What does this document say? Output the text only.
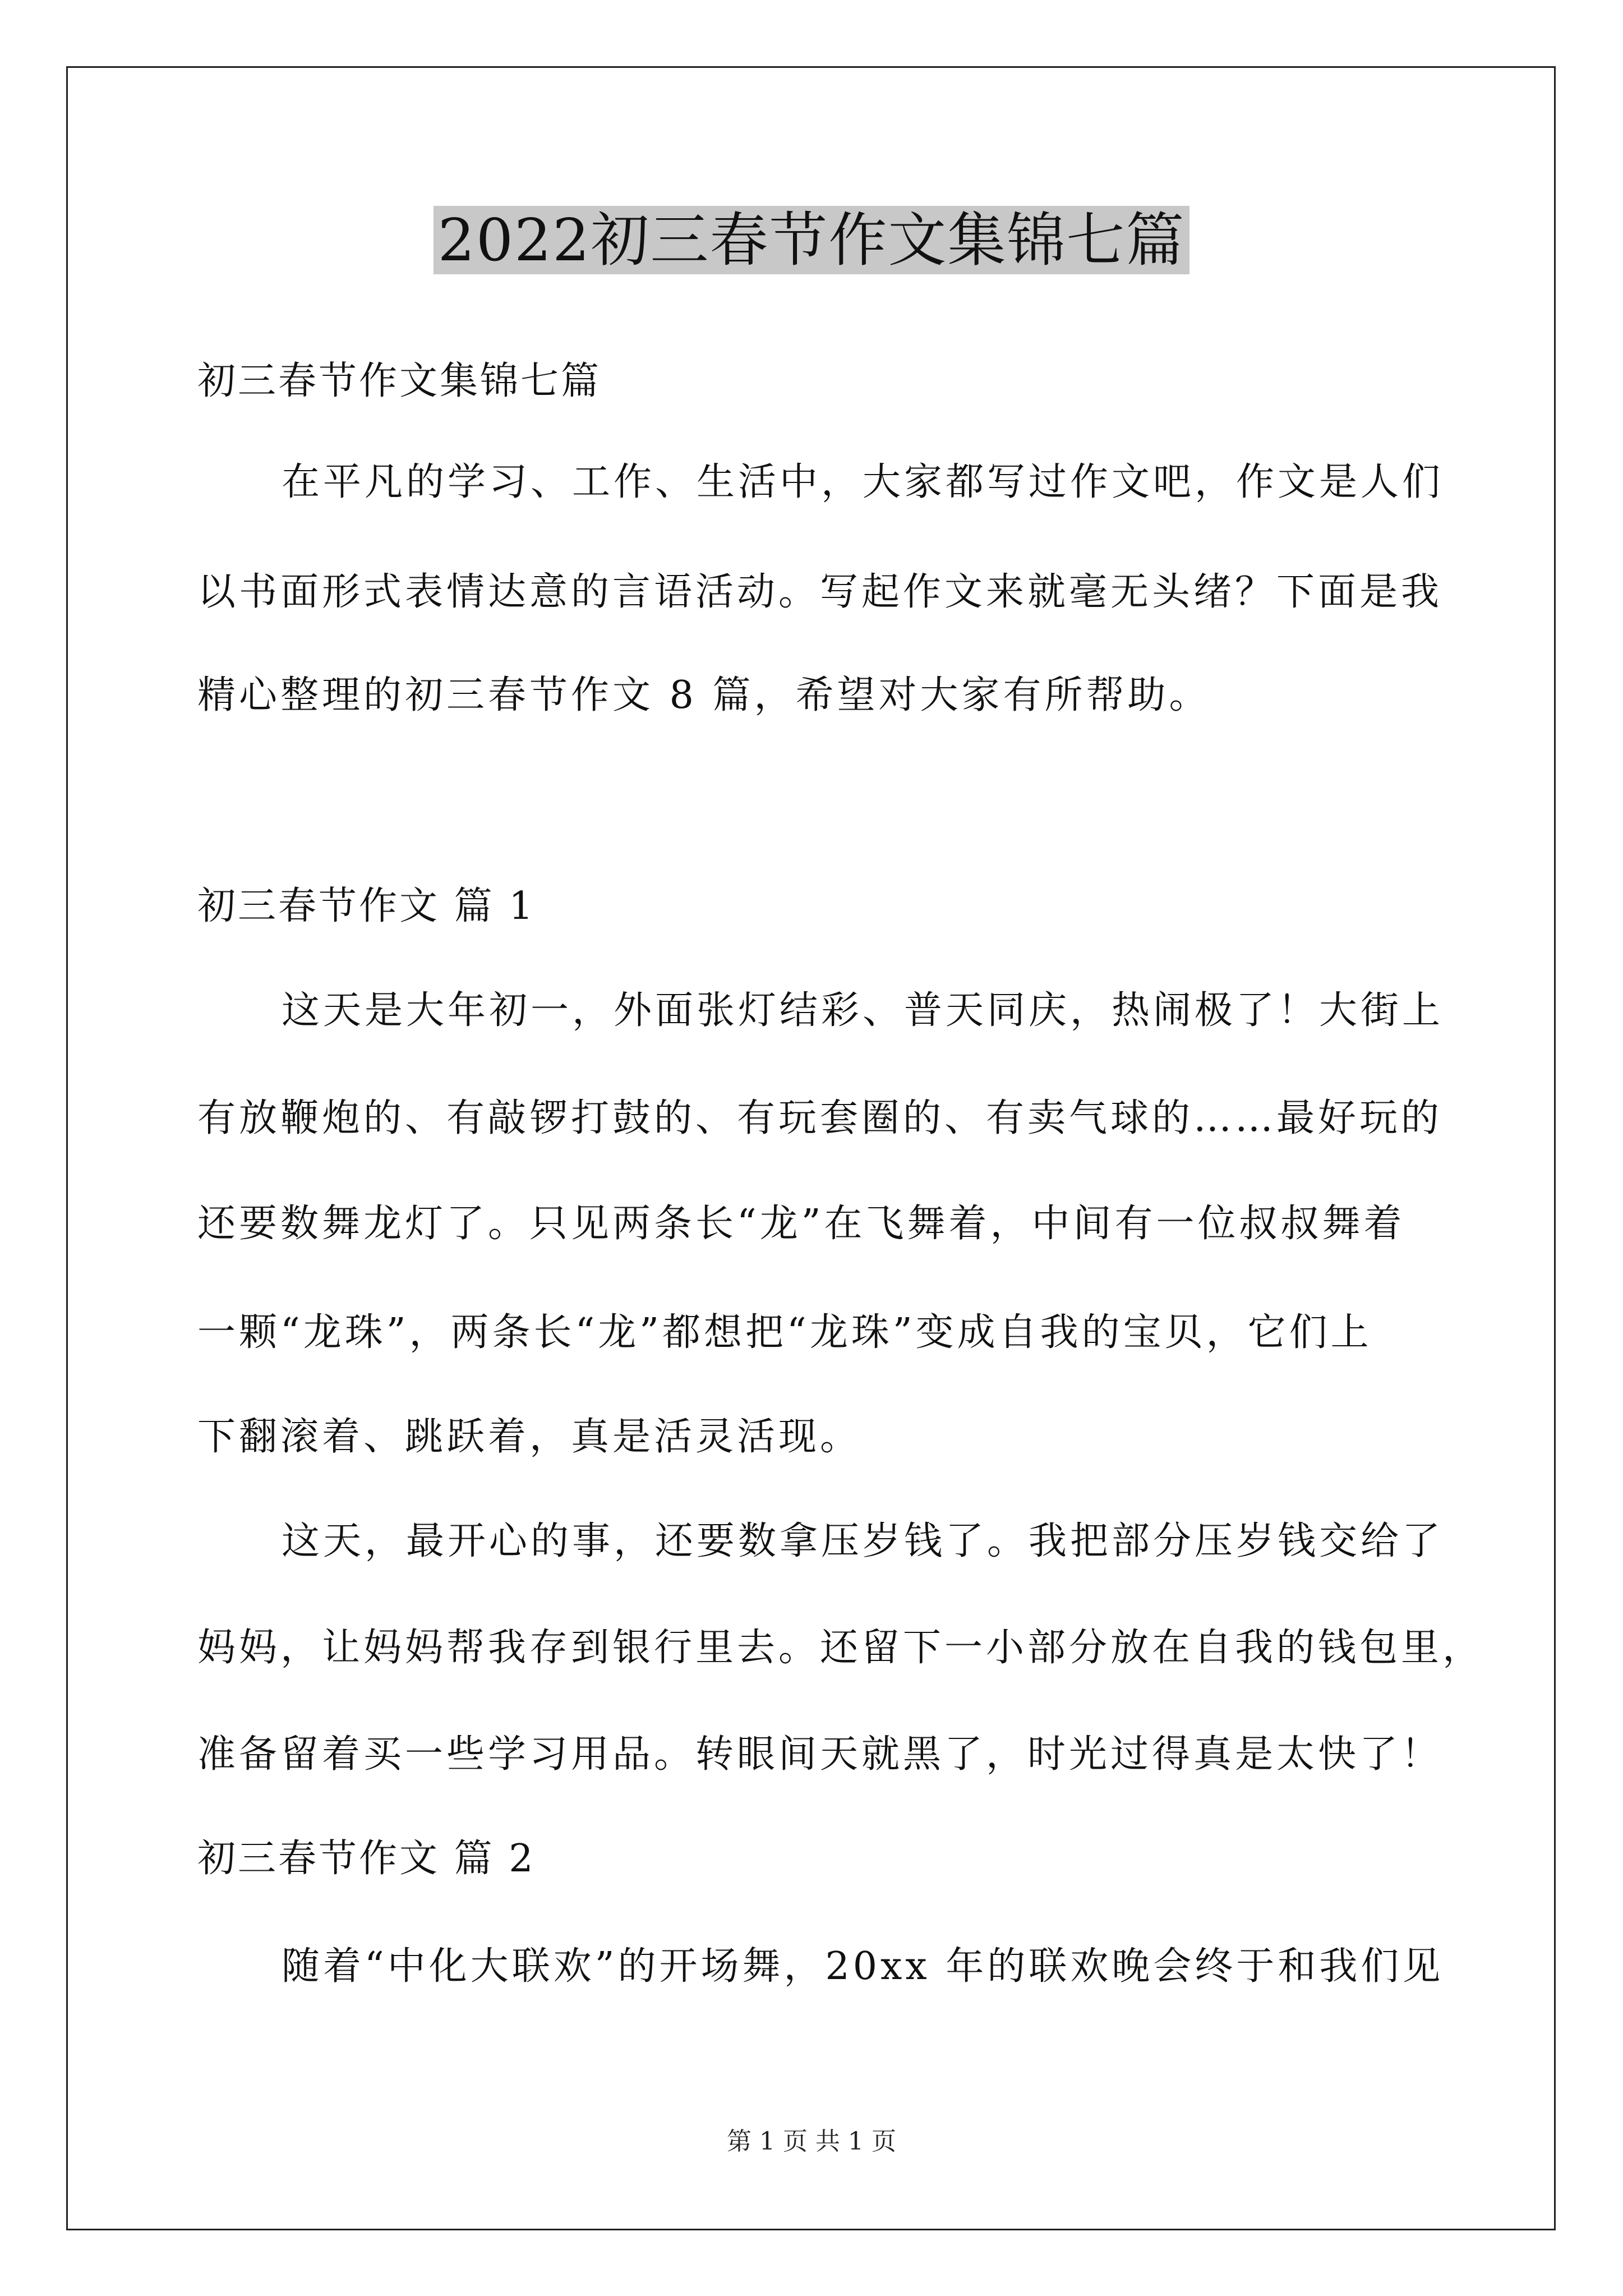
2022初三春节作文集锦七篇
初三春节作文集锦七篇
在平凡的学习、工作、生活中，大家都写过作文吧，作文是人们
以书面形式表情达意的言语活动。写起作文来就毫无头绪？下面是我
精心整理的初三春节作文 8 篇，希望对大家有所帮助。
初三春节作文 篇 1
这天是大年初一，外面张灯结彩、普天同庆，热闹极了！大街上
有放鞭炮的、有敲锣打鼓的、有玩套圈的、有卖气球的……最好玩的
还要数舞龙灯了。只见两条长“龙”在飞舞着，中间有一位叔叔舞着
一颗“龙珠”，两条长“龙”都想把“龙珠”变成自我的宝贝，它们上
下翻滚着、跳跃着，真是活灵活现。
这天，最开心的事，还要数拿压岁钱了。我把部分压岁钱交给了
妈妈，让妈妈帮我存到银行里去。还留下一小部分放在自我的钱包里，
准备留着买一些学习用品。转眼间天就黑了，时光过得真是太快了！
初三春节作文 篇 2
随着“中化大联欢”的开场舞，20xx 年的联欢晚会终于和我们见
第 1 页 共 1 页
